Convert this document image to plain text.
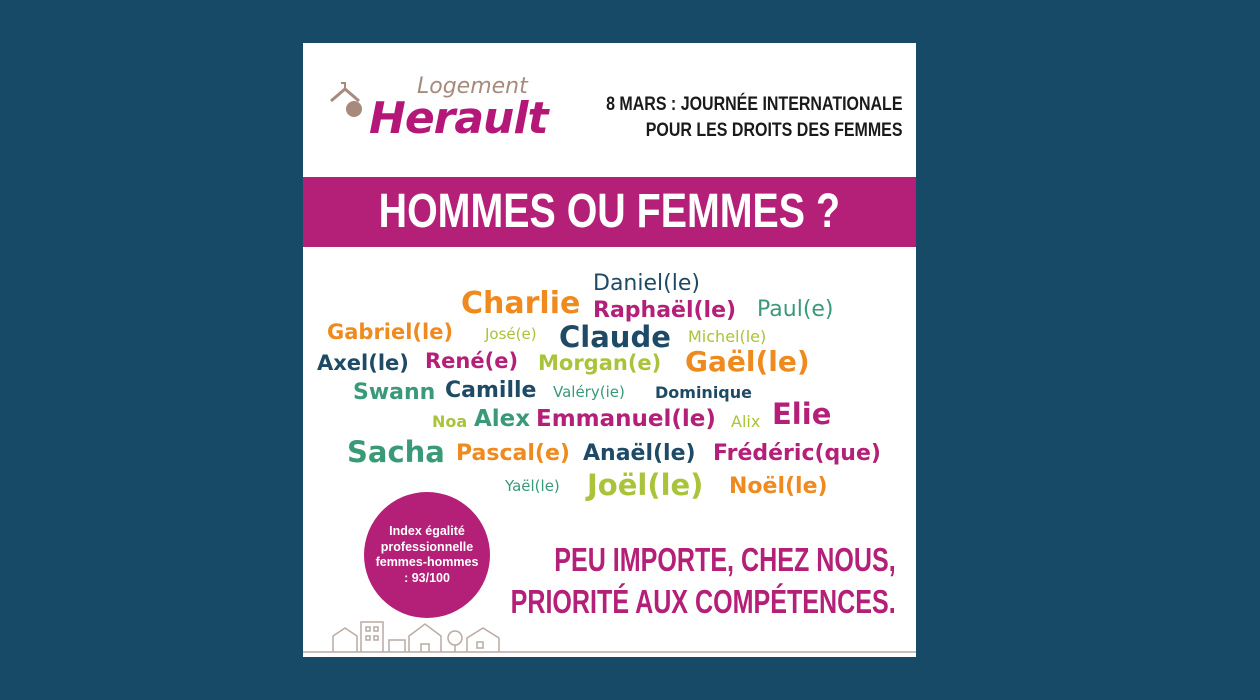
Logement
Herault	8 MARS : JOURNÉE INTERNATIONALE
POUR LES DROITS DES FEMMES
HOMMES OU FEMMES ?
Daniel(le)
Charlie Raphaël(le) Paul(e)
Gabriel(le) José(e) Claude Michel(le)
Axel(le) René(e) Morgan(e) Gaël(le)
Swann Camille Valéry(ie) Dominique
Noa Alex Emmanuel(le) Alix Elie
Sacha Pascal(e) Anaël(le) Frédéric(que)
Yaël(le) Joël(le) Noël(le)
Index égalité professionnelle femmes-hommes : 93/100	PEU IMPORTE, CHEZ NOUS,
PRIORITÉ AUX COMPÉTENCES.
